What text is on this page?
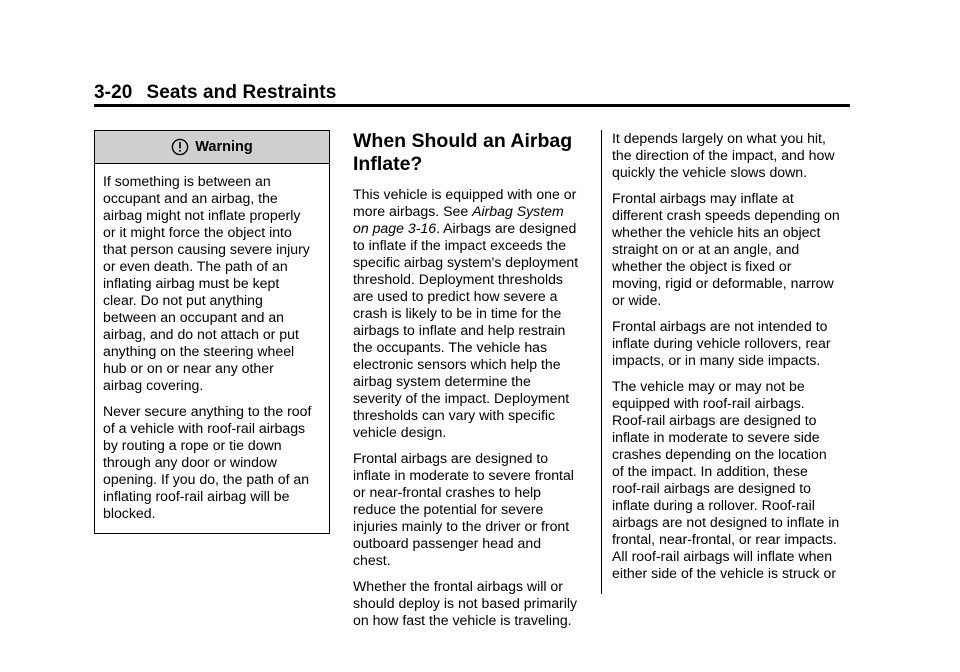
3-20 Seats and Restraints
Warning

If something is between an
occupant and an airbag, the
airbag might not inflate properly
or it might force the object into
that person causing severe injury
or even death. The path of an
inflating airbag must be kept
clear. Do not put anything
between an occupant and an
airbag, and do not attach or put
anything on the steering wheel
hub or on or near any other
airbag covering.

Never secure anything to the roof
of a vehicle with roof-rail airbags
by routing a rope or tie down
through any door or window
opening. If you do, the path of an
inflating roof-rail airbag will be
blocked.

When Should an Airbag
Inflate?

This vehicle is equipped with one or
more airbags. See Airbag System
on page 3-16. Airbags are designed
to inflate if the impact exceeds the
specific airbag system's deployment
threshold. Deployment thresholds
are used to predict how severe a
crash is likely to be in time for the
airbags to inflate and help restrain
the occupants. The vehicle has
electronic sensors which help the
airbag system determine the
severity of the impact. Deployment
thresholds can vary with specific
vehicle design.

Frontal airbags are designed to
inflate in moderate to severe frontal
or near-frontal crashes to help
reduce the potential for severe
injuries mainly to the driver or front
outboard passenger head and
chest.

Whether the frontal airbags will or
should deploy is not based primarily
on how fast the vehicle is traveling.

It depends largely on what you hit,
the direction of the impact, and how
quickly the vehicle slows down.

Frontal airbags may inflate at
different crash speeds depending on
whether the vehicle hits an object
straight on or at an angle, and
whether the object is fixed or
moving, rigid or deformable, narrow
or wide.

Frontal airbags are not intended to
inflate during vehicle rollovers, rear
impacts, or in many side impacts.

The vehicle may or may not be
equipped with roof-rail airbags.
Roof-rail airbags are designed to
inflate in moderate to severe side
crashes depending on the location
of the impact. In addition, these
roof-rail airbags are designed to
inflate during a rollover. Roof-rail
airbags are not designed to inflate in
frontal, near-frontal, or rear impacts.
All roof-rail airbags will inflate when
either side of the vehicle is struck or
